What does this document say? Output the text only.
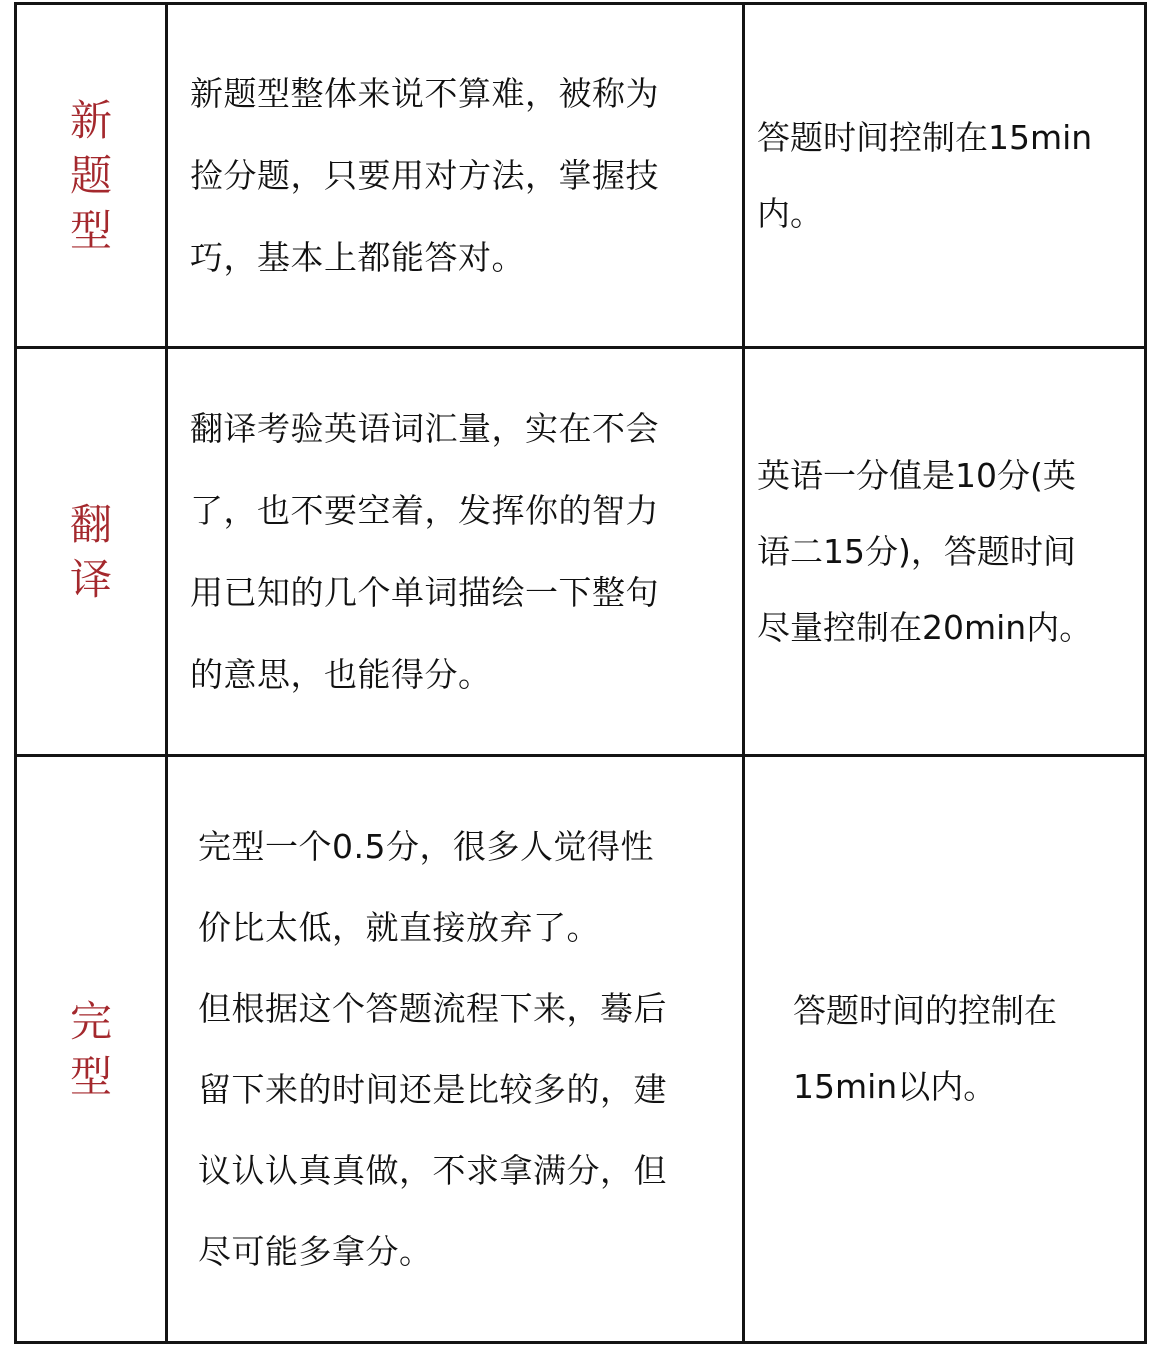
新题型
新题型整体来说不算难，被称为
捡分题，只要用对方法，掌握技
巧，基本上都能答对。
答题时间控制在15min
内。
翻译
翻译考验英语词汇量，实在不会
了，也不要空着，发挥你的智力
用已知的几个单词描绘一下整句
的意思，也能得分。
英语一分值是10分(英
语二15分)，答题时间
尽量控制在20min内。
完型
完型一个0.5分，很多人觉得性
价比太低，就直接放弃了。
但根据这个答题流程下来，蓦后
留下来的时间还是比较多的，建
议认认真真做，不求拿满分，但
尽可能多拿分。
答题时间的控制在
15min以内。
